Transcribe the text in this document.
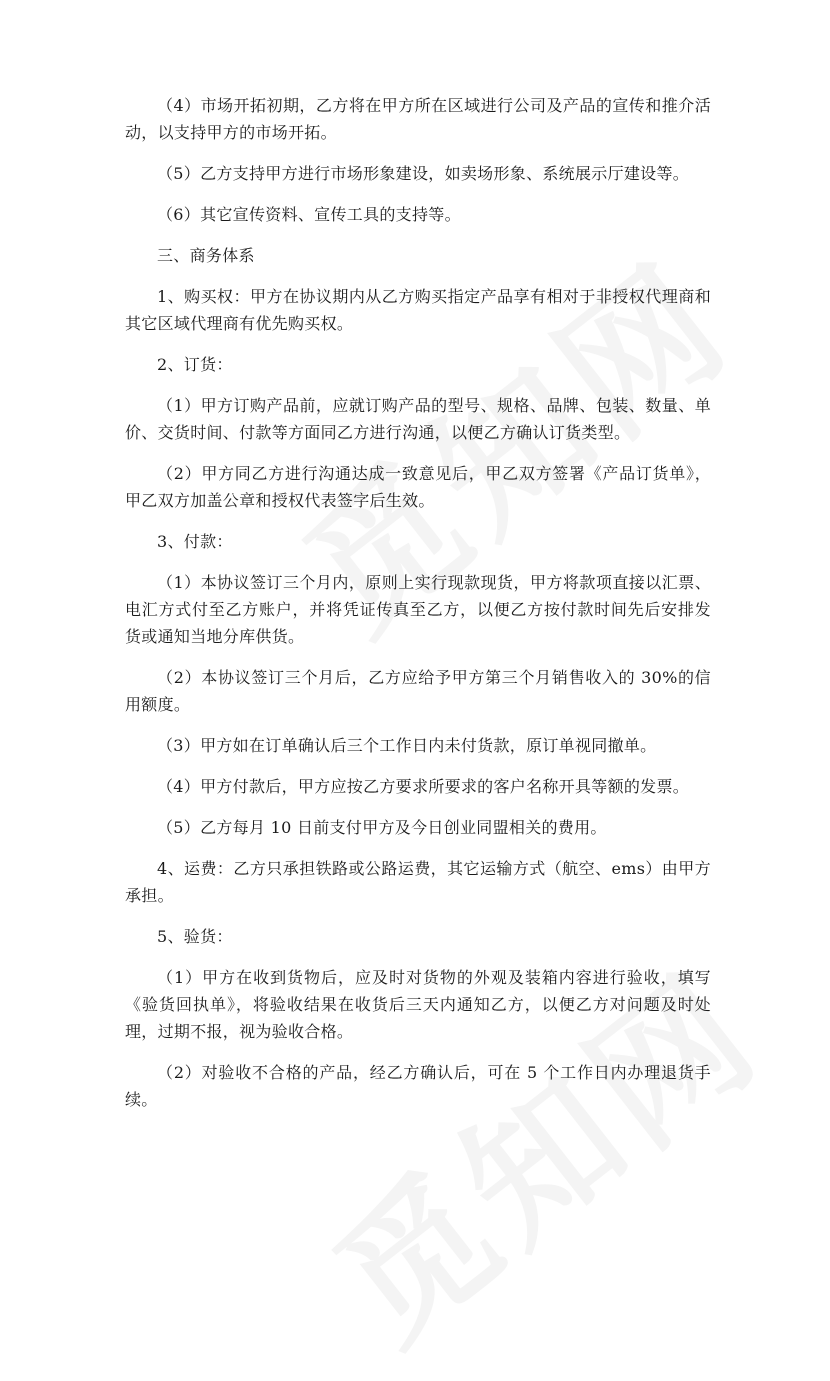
（4）市场开拓初期，乙方将在甲方所在区域进行公司及产品的宣传和推介活动，以支持甲方的市场开拓。

（5）乙方支持甲方进行市场形象建设，如卖场形象、系统展示厅建设等。

（6）其它宣传资料、宣传工具的支持等。

三、商务体系

1、购买权：甲方在协议期内从乙方购买指定产品享有相对于非授权代理商和其它区域代理商有优先购买权。

2、订货：

（1）甲方订购产品前，应就订购产品的型号、规格、品牌、包装、数量、单价、交货时间、付款等方面同乙方进行沟通，以便乙方确认订货类型。

（2）甲方同乙方进行沟通达成一致意见后，甲乙双方签署《产品订货单》，甲乙双方加盖公章和授权代表签字后生效。

3、付款：

（1）本协议签订三个月内，原则上实行现款现货，甲方将款项直接以汇票、电汇方式付至乙方账户，并将凭证传真至乙方，以便乙方按付款时间先后安排发货或通知当地分库供货。

（2）本协议签订三个月后，乙方应给予甲方第三个月销售收入的 30%的信用额度。

（3）甲方如在订单确认后三个工作日内未付货款，原订单视同撤单。

（4）甲方付款后，甲方应按乙方要求所要求的客户名称开具等额的发票。

（5）乙方每月 10 日前支付甲方及今日创业同盟相关的费用。

4、运费：乙方只承担铁路或公路运费，其它运输方式（航空、ems）由甲方承担。

5、验货：

（1）甲方在收到货物后，应及时对货物的外观及装箱内容进行验收，填写《验货回执单》，将验收结果在收货后三天内通知乙方，以便乙方对问题及时处理，过期不报，视为验收合格。

（2）对验收不合格的产品，经乙方确认后，可在 5 个工作日内办理退货手续。
